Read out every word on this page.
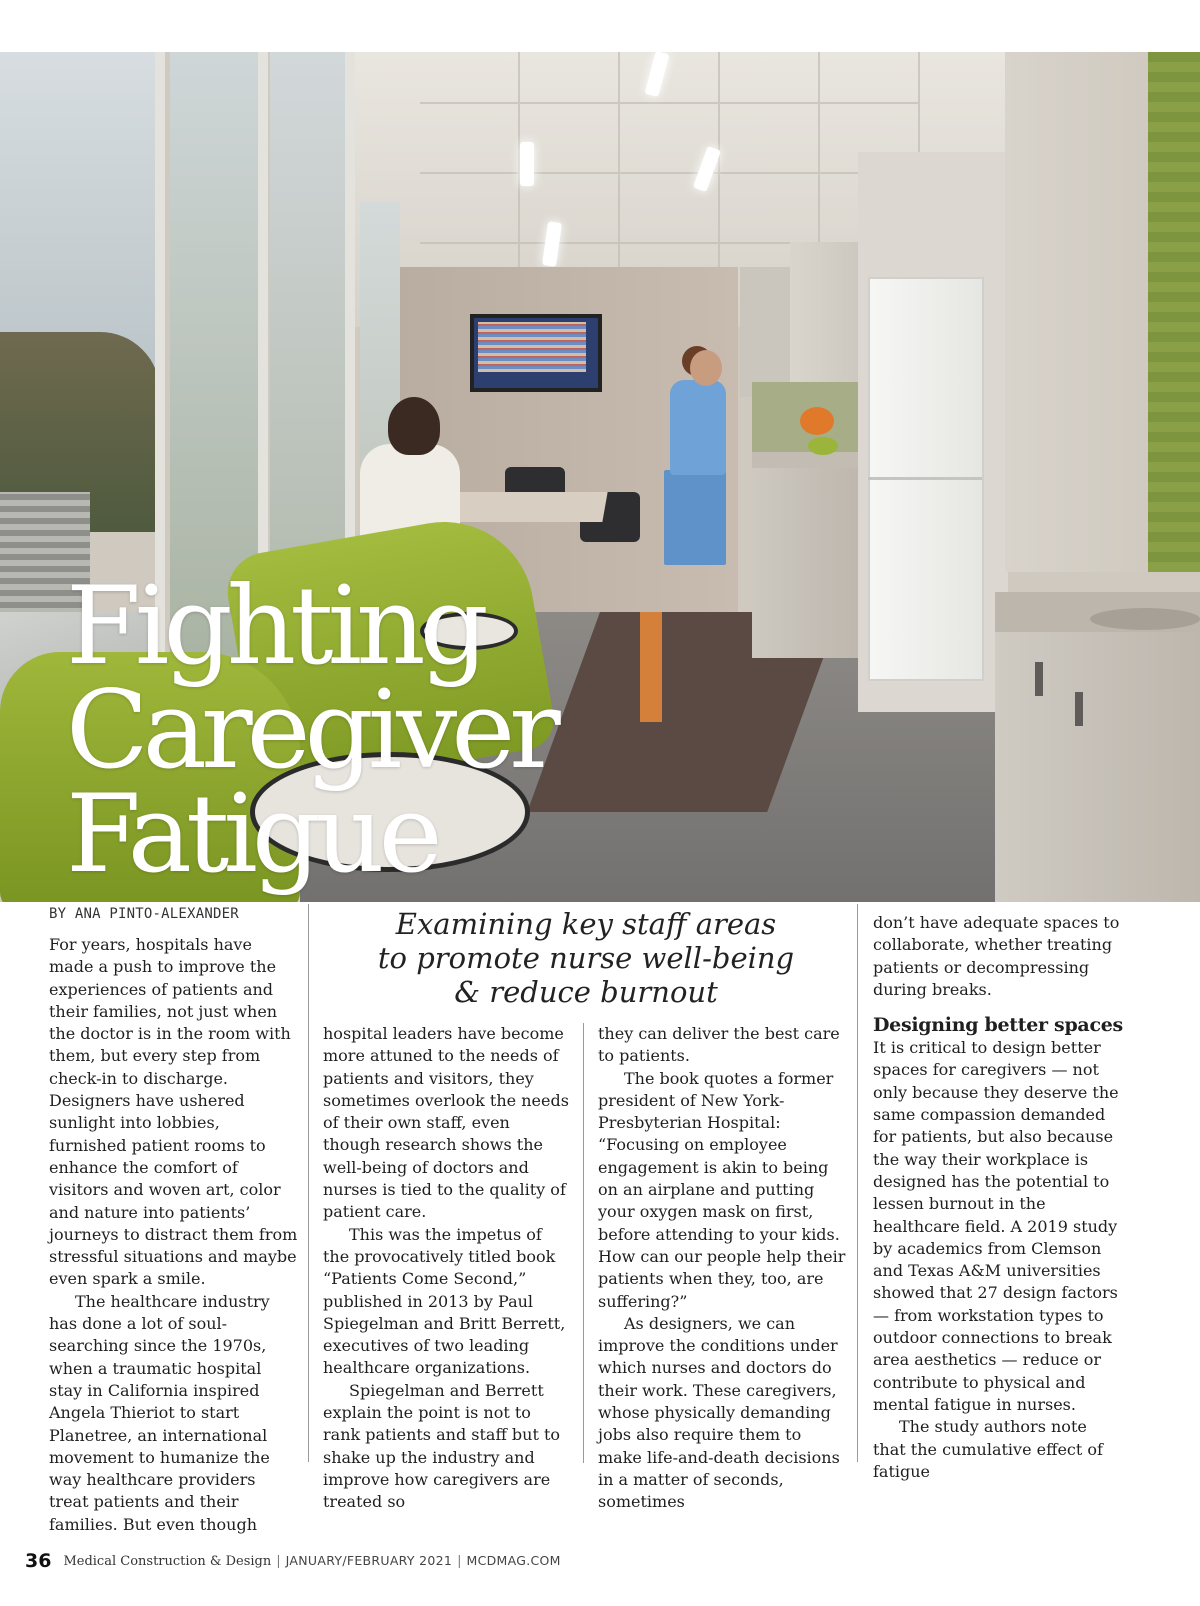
Fighting
Caregiver
Fatigue
BY ANA PINTO-ALEXANDER	Examining key staff areas
to promote nurse well-being
& reduce burnout

For years, hospitals have made a push to improve the experiences of patients and their families, not just when the doctor is in the room with them, but every step from check-in to discharge. Designers have ushered sunlight into lobbies, furnished patient rooms to enhance the comfort of visitors and woven art, color and nature into patients’ journeys to distract them from stressful situations and maybe even spark a smile.

The healthcare industry has done a lot of soul-searching since the 1970s, when a traumatic hospital stay in California inspired Angela Thieriot to start Planetree, an international movement to humanize the way healthcare providers treat patients and their families. But even though

hospital leaders have become more attuned to the needs of patients and visitors, they sometimes overlook the needs of their own staff, even though research shows the well-being of doctors and nurses is tied to the quality of patient care.

This was the impetus of the provocatively titled book “Patients Come Second,” published in 2013 by Paul Spiegelman and Britt Berrett, executives of two leading healthcare organizations.

Spiegelman and Berrett explain the point is not to rank patients and staff but to shake up the industry and improve how caregivers are treated so

they can deliver the best care to patients.

The book quotes a former president of New York-Presbyterian Hospital: “Focusing on employee engagement is akin to being on an airplane and putting your oxygen mask on first, before attending to your kids. How can our people help their patients when they, too, are suffering?”

As designers, we can improve the conditions under which nurses and doctors do their work. These caregivers, whose physically demanding jobs also require them to make life-and-death decisions in a matter of seconds, sometimes

don’t have adequate spaces to collaborate, whether treating patients or decompressing during breaks.

Designing better spaces

It is critical to design better spaces for caregivers — not only because they deserve the same compassion demanded for patients, but also because the way their workplace is designed has the potential to lessen burnout in the healthcare field. A 2019 study by academics from Clemson and Texas A&M universities showed that 27 design factors — from workstation types to outdoor connections to break area aesthetics — reduce or contribute to physical and mental fatigue in nurses.

The study authors note that the cumulative effect of fatigue

36 Medical Construction & Design | JANUARY/FEBRUARY 2021 | MCDMAG.COM
